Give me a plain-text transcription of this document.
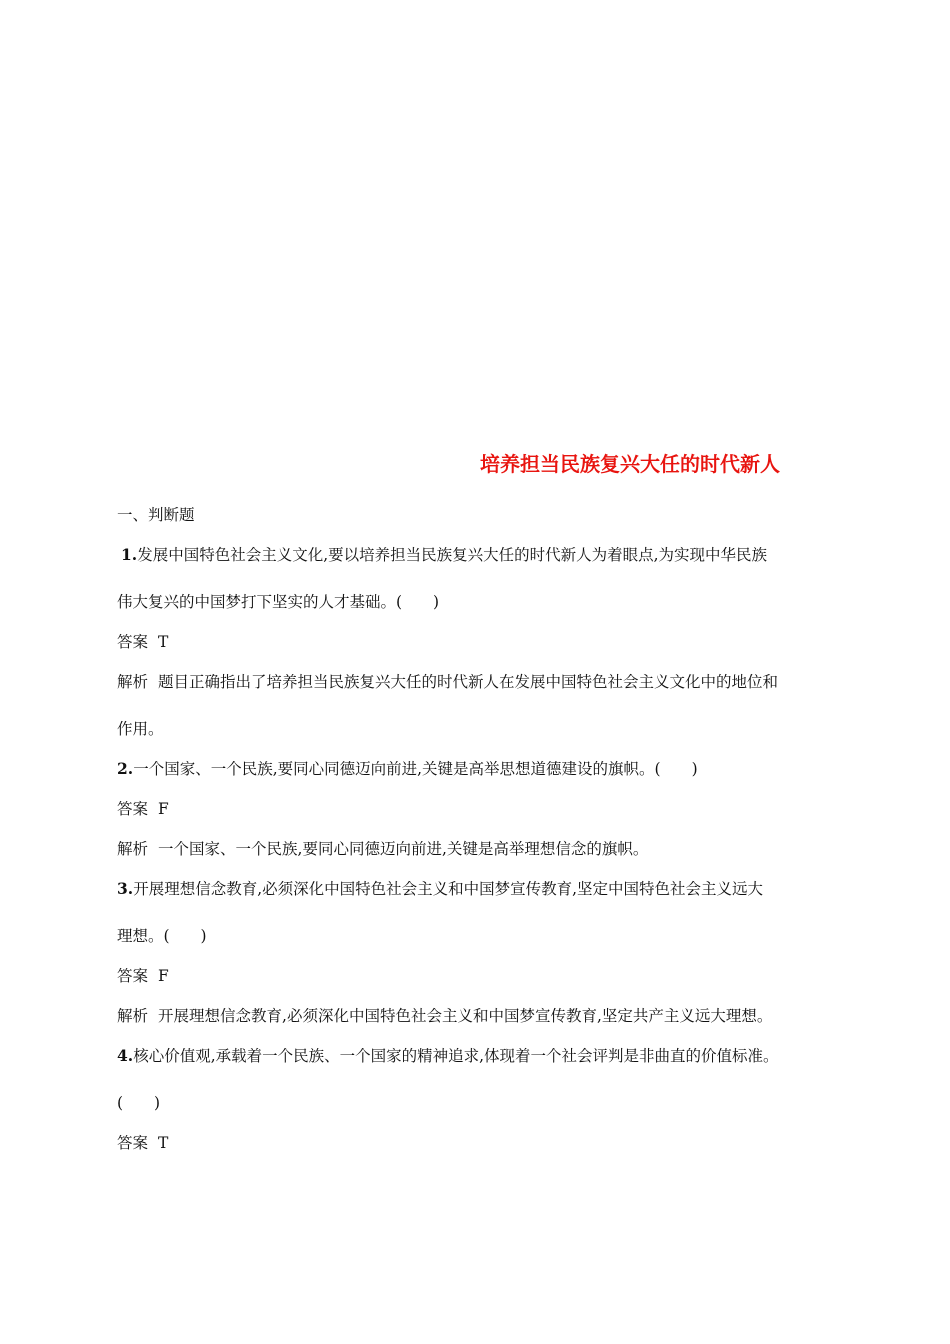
培养担当民族复兴大任的时代新人
一、判断题
1.发展中国特色社会主义文化,要以培养担当民族复兴大任的时代新人为着眼点,为实现中华民族
伟大复兴的中国梦打下坚实的人才基础。(　　)
答案 T
解析 题目正确指出了培养担当民族复兴大任的时代新人在发展中国特色社会主义文化中的地位和
作用。
2.一个国家、一个民族,要同心同德迈向前进,关键是高举思想道德建设的旗帜。(　　)
答案 F
解析 一个国家、一个民族,要同心同德迈向前进,关键是高举理想信念的旗帜。
3.开展理想信念教育,必须深化中国特色社会主义和中国梦宣传教育,坚定中国特色社会主义远大
理想。(　　)
答案 F
解析 开展理想信念教育,必须深化中国特色社会主义和中国梦宣传教育,坚定共产主义远大理想。
4.核心价值观,承载着一个民族、一个国家的精神追求,体现着一个社会评判是非曲直的价值标准。
(　　)
答案 T
